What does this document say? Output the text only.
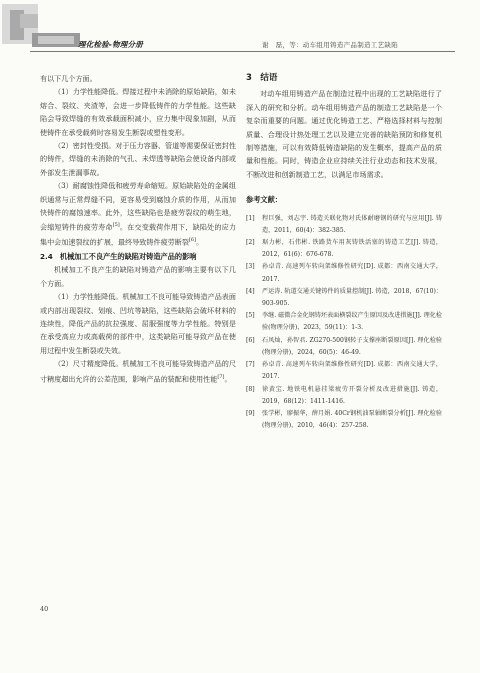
理化检验-物理分册	谢　磊，等：动车组用铸造产品制造工艺缺陷

有以下几个方面。

（1）力学性能降低。焊接过程中未消除的原始缺陷，如未熔合、裂纹、夹渣等，会进一步降低铸件的力学性能。这些缺陷会导致焊缝的有效承载面积减小，应力集中现象加剧，从而使铸件在承受载荷时容易发生断裂或塑性变形。

（2）密封性受损。对于压力容器、管道等需要保证密封性的铸件，焊缝的未消除的气孔、未焊透等缺陷会使设备内部或外部发生泄漏事故。

（3）耐腐蚀性降低和疲劳寿命缩短。原始缺陷处的金属组织通常与正常焊缝不同，更容易受到腐蚀介质的作用，从而加快铸件的腐蚀速率。此外，这些缺陷也是疲劳裂纹的萌生地，会缩短铸件的疲劳寿命[5]。在交变载荷作用下，缺陷处的应力集中会加速裂纹的扩展，最终导致铸件疲劳断裂[6]。

2.4　机械加工不良产生的缺陷对铸造产品的影响

机械加工不良产生的缺陷对铸造产品的影响主要有以下几个方面。

（1）力学性能降低。机械加工不良可能导致铸造产品表面或内部出现裂纹、划痕、凹坑等缺陷，这些缺陷会破坏材料的连续性，降低产品的抗拉强度、屈服强度等力学性能。特别是在承受高应力或高载荷的部件中，这类缺陷可能导致产品在使用过程中发生断裂或失效。

（2）尺寸精度降低。机械加工不良可能导致铸造产品的尺寸精度超出允许的公差范围，影响产品的装配和使用性能[7]。

3　结语

对动车组用铸造产品在制造过程中出现的工艺缺陷进行了深入的研究和分析。动车组用铸造产品的制造工艺缺陷是一个复杂而重要的问题。通过优化铸造工艺、严格选择材料与控制质量、合理设计热处理工艺以及建立完善的缺陷预防和修复机制等措施，可以有效降低铸造缺陷的发生概率，提高产品的质量和性能。同时，铸造企业应持续关注行业动态和技术发展，不断改进和创新制造工艺，以满足市场需求。

参考文献：
[1]	程巨强，刘志宇. 铸造关联化物对氏体耐磨钢的研究与应用[J]. 铸造，2011，60(4)：382-385.
[2]	琚力彬，石伟彬. 铁路货车用灰铸铁活塞的铸造工艺[J]. 铸造，2012，61(6)：676-678.
[3]	孙卓青. 高速列车转向架维修性研究[D]. 成都：西南交通大学，2017.
[4]	严运涛. 轨道交通关键铸件的质量控制[J]. 铸造，2018，67(10)：903-905.
[5]	李继. 磁微合金化钢铸坯表面横裂纹产生原因及改进措施[J]. 理化检验(物理分册)，2023，59(11)：1-3.
[6]	石凤灿，孙智君. ZG270-500钢转子支撑座断裂原因[J]. 理化检验(物理分册)，2024，60(5)：46-49.
[7]	孙卓青. 高速列车转向架维修性研究[D]. 成都：西南交通大学，2017.
[8]	徐黄宝. 地铁电机悬挂梁疲劳开裂分析及改进措施[J]. 铸造，2019，68(12)：1411-1416.
[9]	张学彬，廖振华，薛月娟. 40Cr钢机油泵轴断裂分析[J]. 理化检验(物理分册)，2010，46(4)：257-258.
40
